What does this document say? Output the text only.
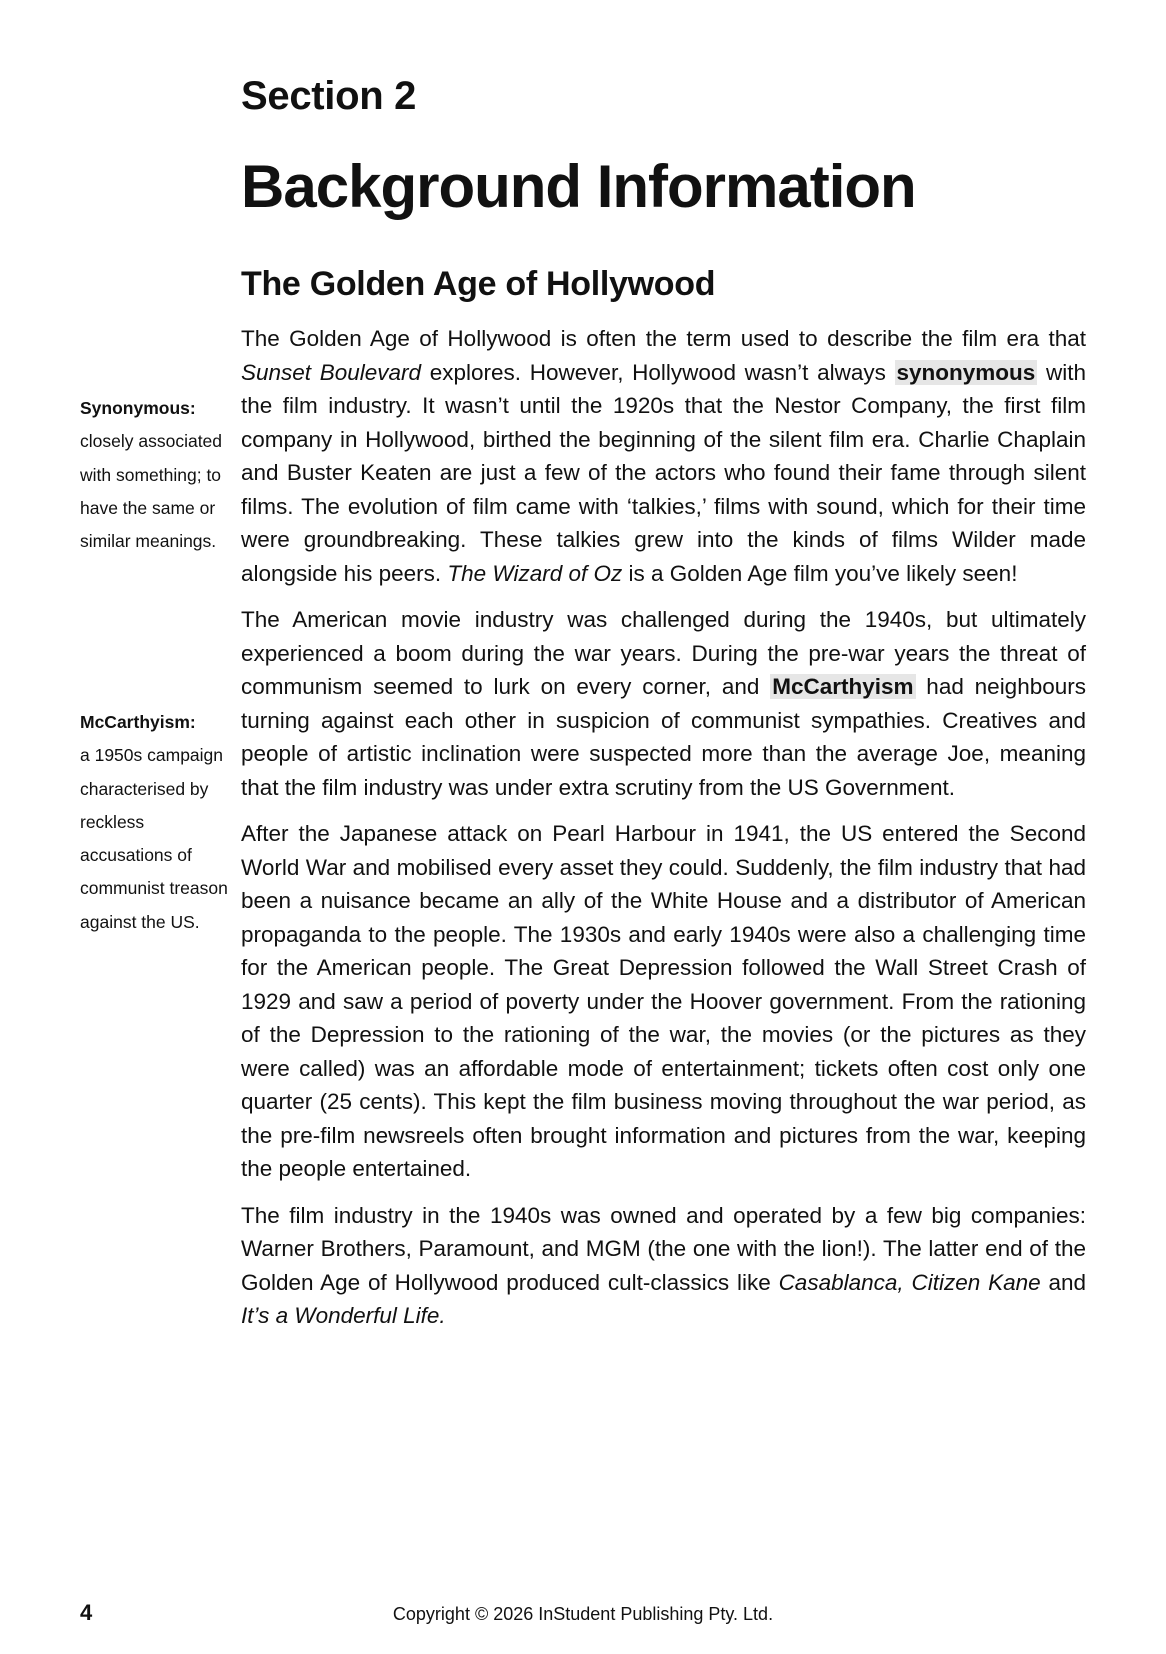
Section 2
Background Information
The Golden Age of Hollywood
Synonymous:
closely associated with something; to have the same or similar meanings.
McCarthyism:
a 1950s campaign characterised by reckless accusations of communist treason against the US.

The Golden Age of Hollywood is often the term used to describe the film era that Sunset Boulevard explores. However, Hollywood wasn’t always synonymous with the film industry. It wasn’t until the 1920s that the Nestor Company, the first film company in Hollywood, birthed the beginning of the silent film era. Charlie Chaplain and Buster Keaten are just a few of the actors who found their fame through silent films. The evolution of film came with ‘talkies,’ films with sound, which for their time were groundbreaking. These talkies grew into the kinds of films Wilder made alongside his peers. The Wizard of Oz is a Golden Age film you’ve likely seen!

The American movie industry was challenged during the 1940s, but ultimately experienced a boom during the war years. During the pre-war years the threat of communism seemed to lurk on every corner, and McCarthyism had neighbours turning against each other in suspicion of communist sympathies. Creatives and people of artistic inclination were suspected more than the average Joe, meaning that the film industry was under extra scrutiny from the US Government.

After the Japanese attack on Pearl Harbour in 1941, the US entered the Second World War and mobilised every asset they could. Suddenly, the film industry that had been a nuisance became an ally of the White House and a distributor of American propaganda to the people. The 1930s and early 1940s were also a challenging time for the American people. The Great Depression followed the Wall Street Crash of 1929 and saw a period of poverty under the Hoover government. From the rationing of the Depression to the rationing of the war, the movies (or the pictures as they were called) was an affordable mode of entertainment; tickets often cost only one quarter (25 cents). This kept the film business moving throughout the war period, as the pre-film newsreels often brought information and pictures from the war, keeping the people entertained.

The film industry in the 1940s was owned and operated by a few big companies: Warner Brothers, Paramount, and MGM (the one with the lion!). The latter end of the Golden Age of Hollywood produced cult-classics like Casablanca, Citizen Kane and It’s a Wonderful Life.

4	Copyright © 2026 InStudent Publishing Pty. Ltd.
